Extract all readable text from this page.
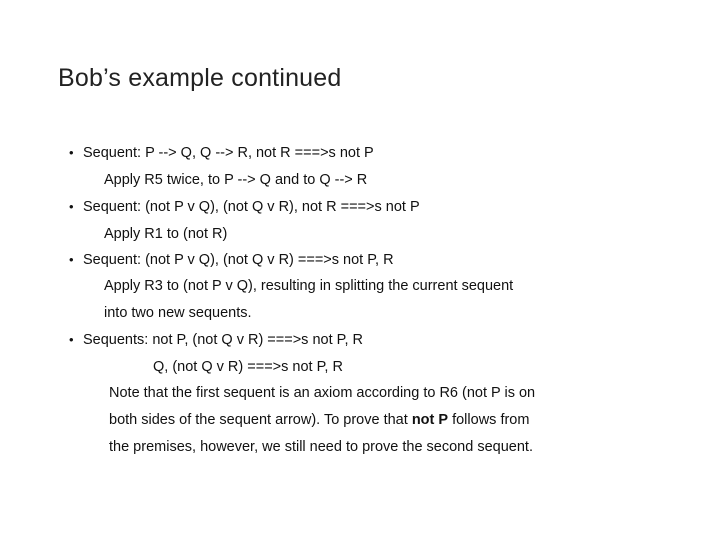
Bob’s example continued
• Sequent: P --> Q, Q --> R, not R ===>s not P
Apply R5 twice, to P --> Q and to Q --> R
• Sequent: (not P v Q), (not Q v R), not R ===>s not P
Apply R1 to (not R)
• Sequent: (not P v Q), (not Q v R) ===>s not P, R
Apply R3 to (not P v Q), resulting in splitting the current sequent
into two new sequents.
• Sequents: not P, (not Q v R) ===>s not P, R
Q, (not Q v R) ===>s not P, R
Note that the first sequent is an axiom according to R6 (not P is on
both sides of the sequent arrow). To prove that not P follows from
the premises, however, we still need to prove the second sequent.
